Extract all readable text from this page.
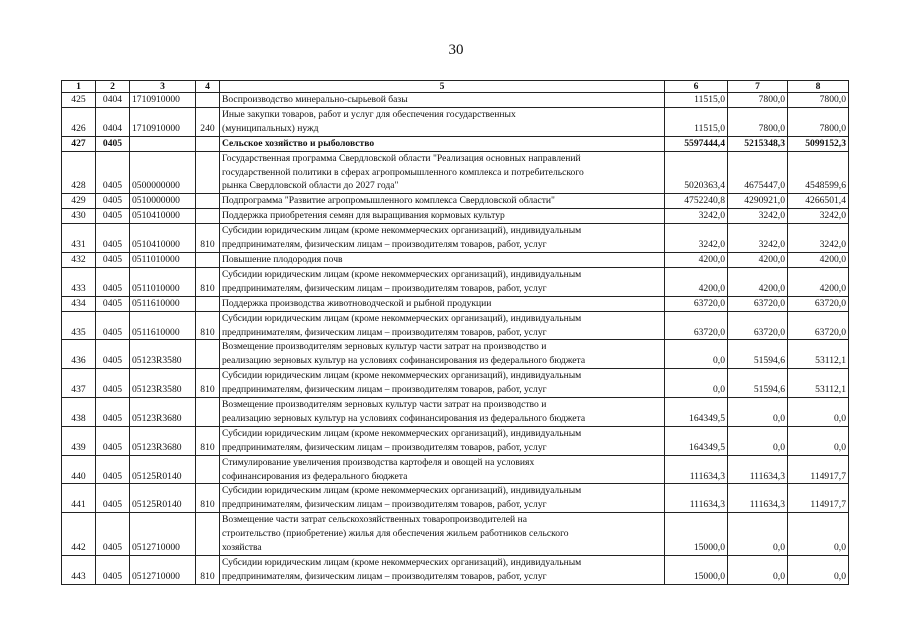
30
1	2	3	4	5	6	7	8
425	0404	1710910000		Воспроизводство минерально-сырьевой базы	11515,0	7800,0	7800,0
426	0404	1710910000	240	Иные закупки товаров, работ и услуг для обеспечения государственных
(муниципальных) нужд	11515,0	7800,0	7800,0
427	0405			Сельское хозяйство и рыболовство	5597444,4	5215348,3	5099152,3
428	0405	0500000000		Государственная программа Свердловской области "Реализация основных направлений
государственной политики в сферах агропромышленного комплекса и потребительского
рынка Свердловской области до 2027 года"	5020363,4	4675447,0	4548599,6
429	0405	0510000000		Подпрограмма "Развитие агропромышленного комплекса Свердловской области"	4752240,8	4290921,0	4266501,4
430	0405	0510410000		Поддержка приобретения семян для выращивания кормовых культур	3242,0	3242,0	3242,0
431	0405	0510410000	810	Субсидии юридическим лицам (кроме некоммерческих организаций), индивидуальным
предпринимателям, физическим лицам – производителям товаров, работ, услуг	3242,0	3242,0	3242,0
432	0405	0511010000		Повышение плодородия почв	4200,0	4200,0	4200,0
433	0405	0511010000	810	Субсидии юридическим лицам (кроме некоммерческих организаций), индивидуальным
предпринимателям, физическим лицам – производителям товаров, работ, услуг	4200,0	4200,0	4200,0
434	0405	0511610000		Поддержка производства животноводческой и рыбной продукции	63720,0	63720,0	63720,0
435	0405	0511610000	810	Субсидии юридическим лицам (кроме некоммерческих организаций), индивидуальным
предпринимателям, физическим лицам – производителям товаров, работ, услуг	63720,0	63720,0	63720,0
436	0405	05123R3580		Возмещение производителям зерновых культур части затрат на производство и
реализацию зерновых культур на условиях софинансирования из федерального бюджета	0,0	51594,6	53112,1
437	0405	05123R3580	810	Субсидии юридическим лицам (кроме некоммерческих организаций), индивидуальным
предпринимателям, физическим лицам – производителям товаров, работ, услуг	0,0	51594,6	53112,1
438	0405	05123R3680		Возмещение производителям зерновых культур части затрат на производство и
реализацию зерновых культур на условиях софинансирования из федерального бюджета	164349,5	0,0	0,0
439	0405	05123R3680	810	Субсидии юридическим лицам (кроме некоммерческих организаций), индивидуальным
предпринимателям, физическим лицам – производителям товаров, работ, услуг	164349,5	0,0	0,0
440	0405	05125R0140		Стимулирование увеличения производства картофеля и овощей на условиях
софинансирования из федерального бюджета	111634,3	111634,3	114917,7
441	0405	05125R0140	810	Субсидии юридическим лицам (кроме некоммерческих организаций), индивидуальным
предпринимателям, физическим лицам – производителям товаров, работ, услуг	111634,3	111634,3	114917,7
442	0405	0512710000		Возмещение части затрат сельскохозяйственных товаропроизводителей на
строительство (приобретение) жилья для обеспечения жильем работников сельского
хозяйства	15000,0	0,0	0,0
443	0405	0512710000	810	Субсидии юридическим лицам (кроме некоммерческих организаций), индивидуальным
предпринимателям, физическим лицам – производителям товаров, работ, услуг	15000,0	0,0	0,0
